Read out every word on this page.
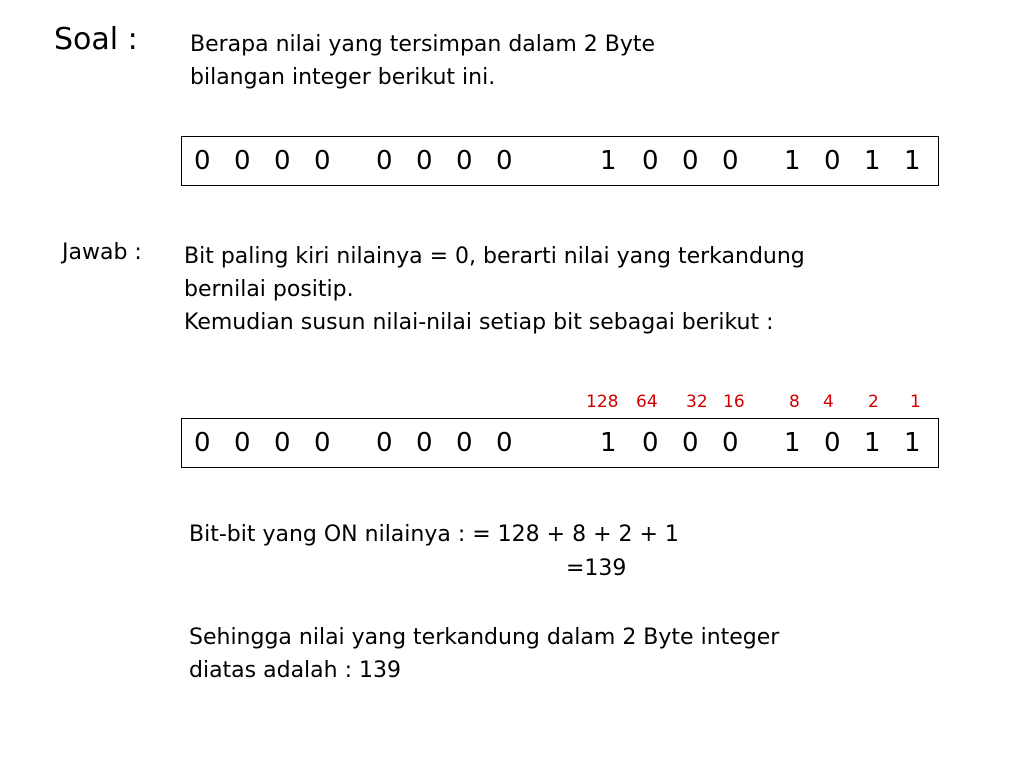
Soal : Berapa nilai yang tersimpan dalam 2 Byte
bilangan integer berikut ini.
0 0 0 0 0 0 0 0	1 0 0 0 1 0 1 1
Jawab : Bit paling kiri nilainya = 0, berarti nilai yang terkandung
bernilai positip.
Kemudian susun nilai-nilai setiap bit sebagai berikut :
128 64 32 16	8 4 2 1
0 0 0 0 0 0 0 0	1 0 0 0 1 0 1 1
Bit-bit yang ON nilainya : = 128 + 8 + 2 + 1
=139
Sehingga nilai yang terkandung dalam 2 Byte integer
diatas adalah : 139
